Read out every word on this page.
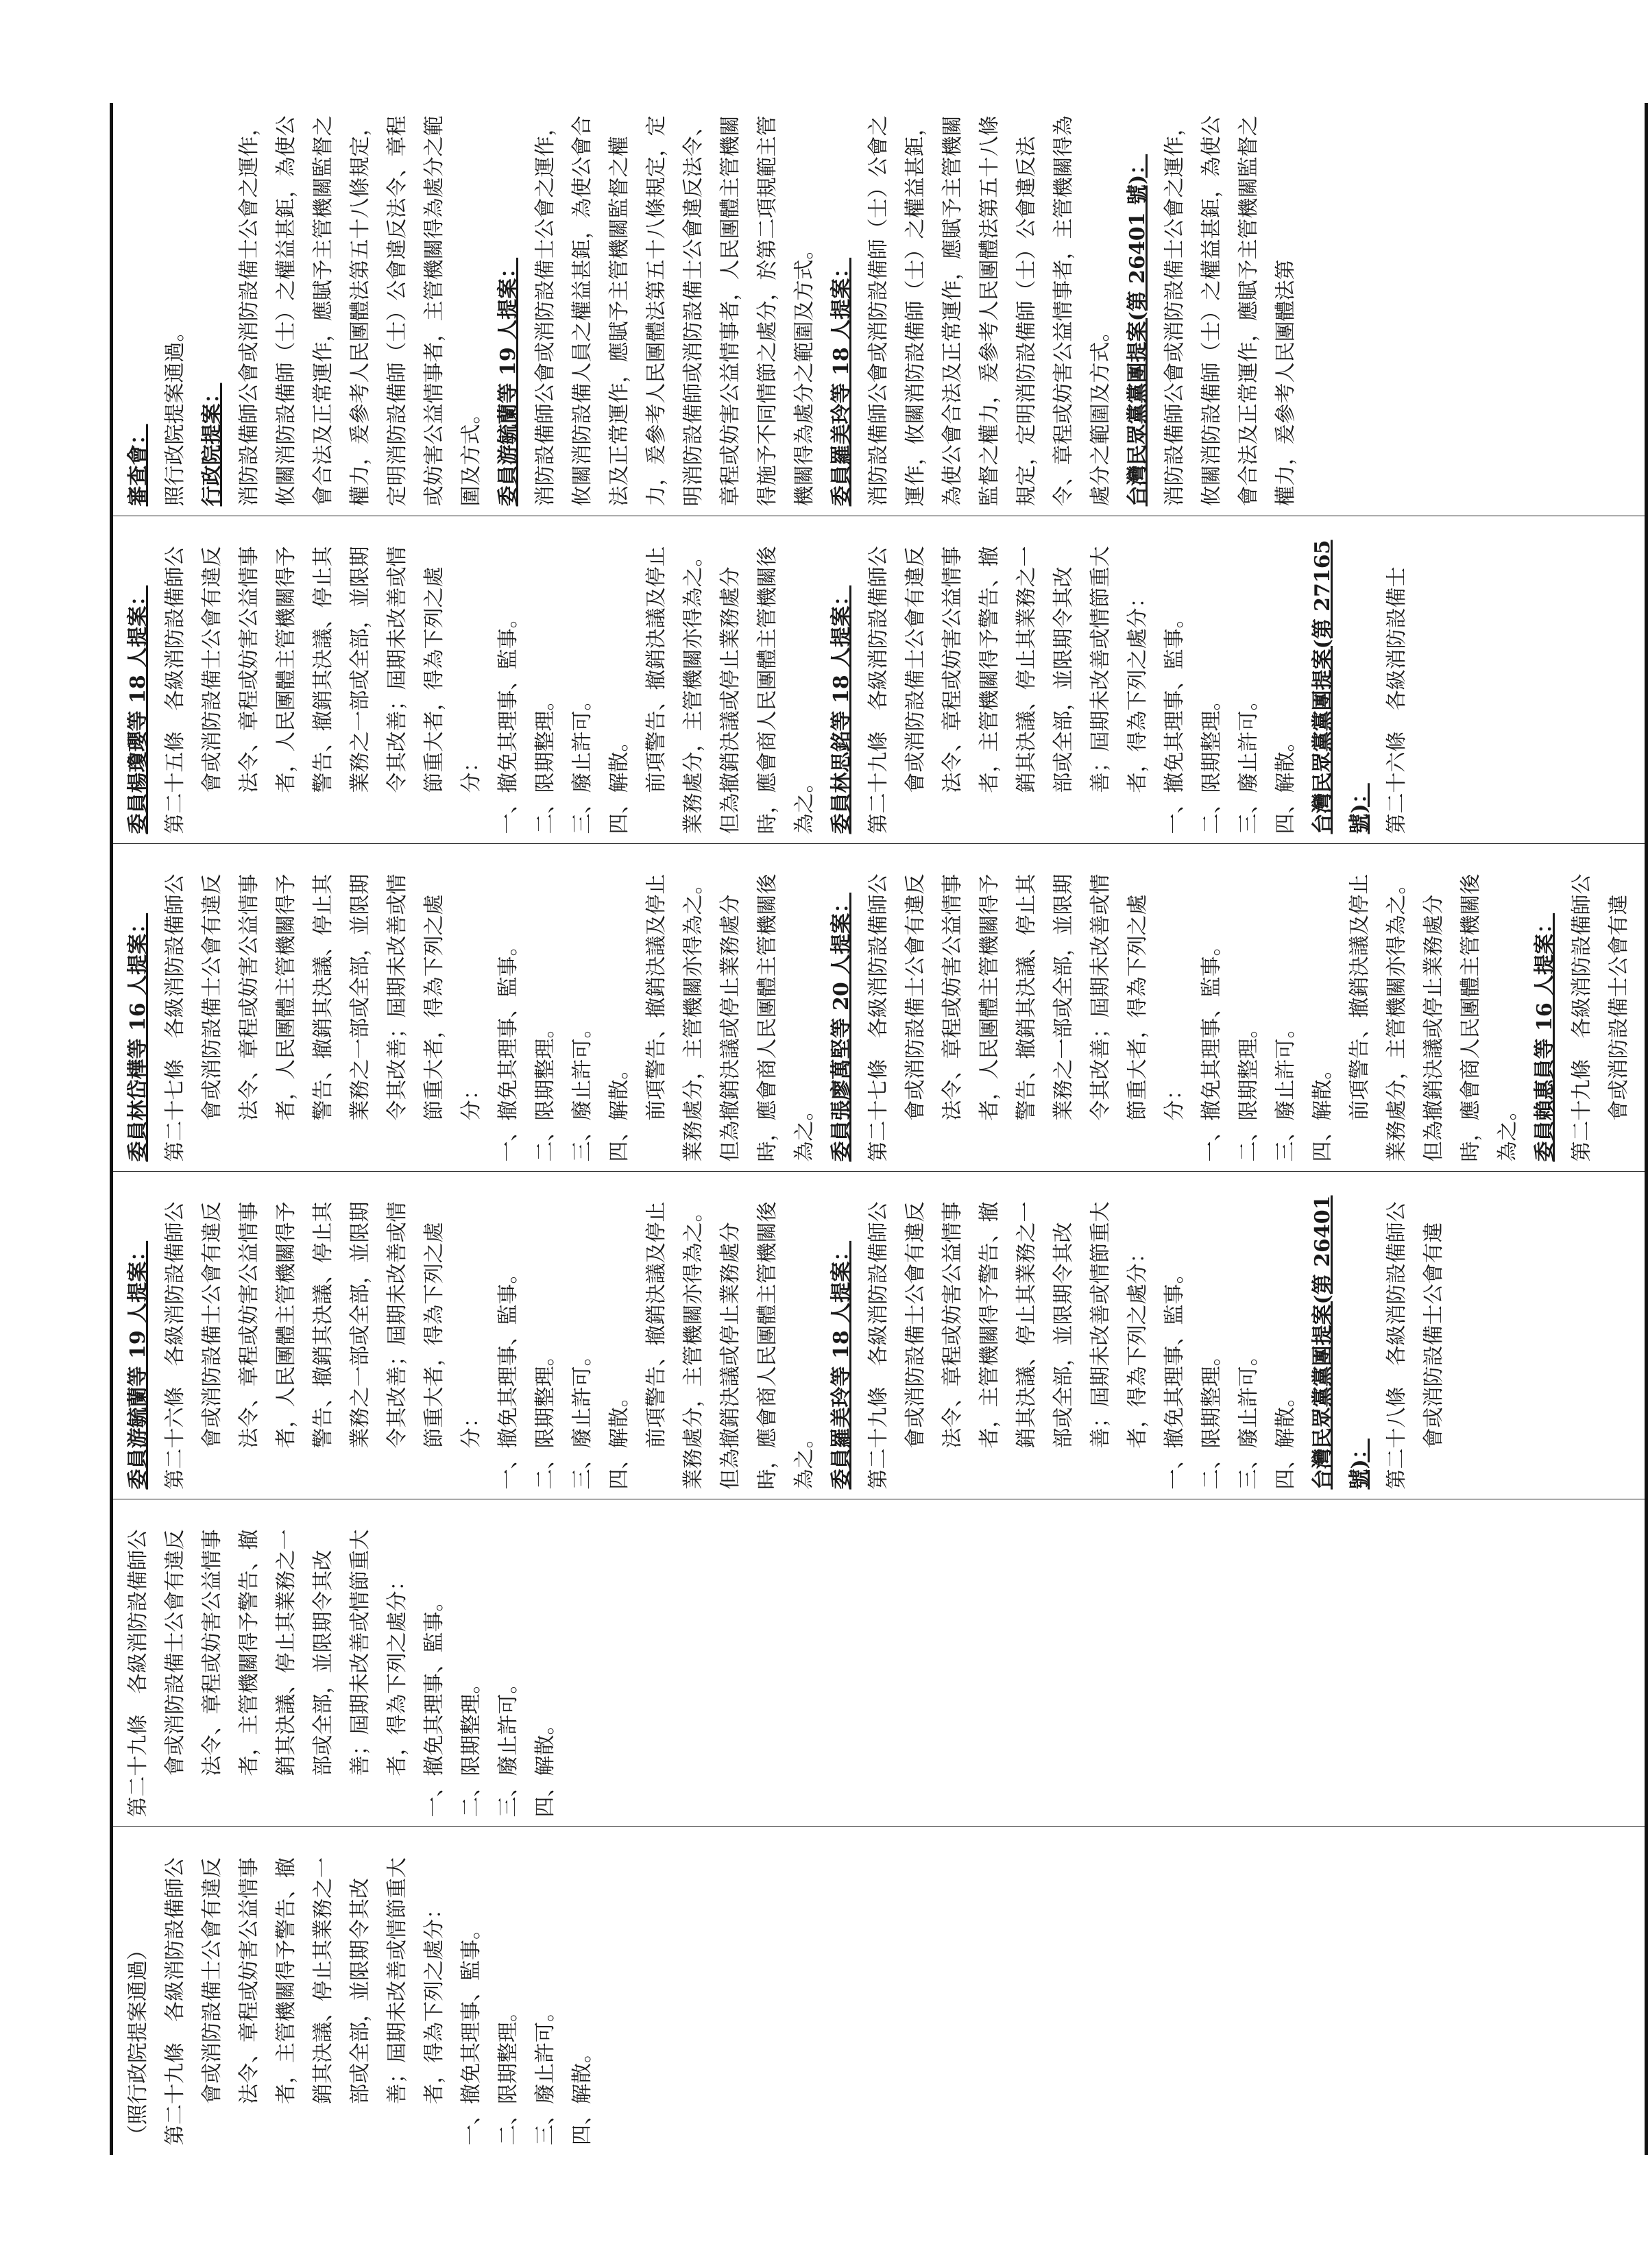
（照行政院提案通過） 第二十九條　各級消防設備師公會或消防設備士公會有違反法令、章程或妨害公益情事者，主管機關得予警告、撤銷其決議、停止其業務之一部或全部，並限期令其改善；屆期未改善或情節重大者，得為下列之處分： 一、撤免其理事、監事。 二、限期整理。 三、廢止許可。 四、解散。

第二十九條　各級消防設備師公會或消防設備士公會有違反法令、章程或妨害公益情事者，主管機關得予警告、撤銷其決議、停止其業務之一部或全部，並限期令其改善；屆期未改善或情節重大者，得為下列之處分： 一、撤免其理事、監事。 二、限期整理。 三、廢止許可。 四、解散。

委員游毓蘭等 19 人提案： 第二十六條　各級消防設備師公會或消防設備士公會有違反法令、章程或妨害公益情事者，人民團體主管機關得予警告、撤銷其決議、停止其業務之一部或全部，並限期令其改善；屆期未改善或情節重大者，得為下列之處分： 一、撤免其理事、監事。 二、限期整理。 三、廢止許可。 四、解散。 前項警告、撤銷決議及停止業務處分，主管機關亦得為之。但為撤銷決議或停止業務處分時，應會商人民團體主管機關後為之。 委員羅美玲等 18 人提案： 第二十九條　各級消防設備師公會或消防設備士公會有違反法令、章程或妨害公益情事者，主管機關得予警告、撤銷其決議、停止其業務之一部或全部，並限期令其改善；屆期未改善或情節重大者，得為下列之處分： 一、撤免其理事、監事。 二、限期整理。 三、廢止許可。 四、解散。 台灣民眾黨黨團提案(第 26401 號)： 第二十八條　各級消防設備師公會或消防設備士公會有違

委員林岱樺等 16 人提案： 第二十七條　各級消防設備師公會或消防設備士公會有違反法令、章程或妨害公益情事者，人民團體主管機關得予警告、撤銷其決議、停止其業務之一部或全部，並限期令其改善；屆期未改善或情節重大者，得為下列之處分： 一、撤免其理事、監事。 二、限期整理。 三、廢止許可。 四、解散。 前項警告、撤銷決議及停止業務處分，主管機關亦得為之。但為撤銷決議或停止業務處分時，應會商人民團體主管機關後為之。 委員張廖萬堅等 20 人提案： 第二十七條　各級消防設備師公會或消防設備士公會有違反法令、章程或妨害公益情事者，人民團體主管機關得予警告、撤銷其決議、停止其業務之一部或全部，並限期令其改善；屆期未改善或情節重大者，得為下列之處分： 一、撤免其理事、監事。 二、限期整理。 三、廢止許可。 四、解散。 前項警告、撤銷決議及停止業務處分，主管機關亦得為之。但為撤銷決議或停止業務處分時，應會商人民團體主管機關後為之。 委員賴惠員等 16 人提案： 第二十九條　各級消防設備師公會或消防設備士公會有違

委員楊瓊瓔等 18 人提案： 第二十五條　各級消防設備師公會或消防設備士公會有違反法令、章程或妨害公益情事者，人民團體主管機關得予警告、撤銷其決議、停止其業務之一部或全部，並限期令其改善；屆期未改善或情節重大者，得為下列之處分： 一、撤免其理事、監事。 二、限期整理。 三、廢止許可。 四、解散。 前項警告、撤銷決議及停止業務處分，主管機關亦得為之。但為撤銷決議或停止業務處分時，應會商人民團體主管機關後為之。 委員林思銘等 18 人提案： 第二十九條　各級消防設備師公會或消防設備士公會有違反法令、章程或妨害公益情事者，主管機關得予警告、撤銷其決議、停止其業務之一部或全部，並限期令其改善；屆期未改善或情節重大者，得為下列之處分： 一、撤免其理事、監事。 二、限期整理。 三、廢止許可。 四、解散。 台灣民眾黨黨團提案(第 27165 號)： 第二十六條　各級消防設備士

審查會： 照行政院提案通過。 行政院提案： 消防設備師公會或消防設備士公會之運作，攸關消防設備師（士）之權益甚鉅，為使公會合法及正常運作，應賦予主管機關監督之權力，爰參考人民團體法第五十八條規定，定明消防設備師（士）公會違反法令、章程或妨害公益情事者，主管機關得為處分之範圍及方式。 委員游毓蘭等 19 人提案： 消防設備師公會或消防設備士公會之運作，攸關消防設備人員之權益甚鉅，為使公會合法及正常運作，應賦予主管機關監督之權力，爰參考人民團體法第五十八條規定，定明消防設備師或消防設備士公會違反法令、章程或妨害公益情事者，人民團體主管機關得施予不同情節之處分，於第二項規範主管機關得為處分之範圍及方式。 委員羅美玲等 18 人提案： 消防設備師公會或消防設備師（士）公會之運作，攸關消防設備師（士）之權益甚鉅，為使公會合法及正常運作，應賦予主管機關監督之權力，爰參考人民團體法第五十八條規定，定明消防設備師（士）公會違反法令、章程或妨害公益情事者，主管機關得為處分之範圍及方式。 台灣民眾黨黨團提案(第 26401 號)： 消防設備師公會或消防設備士公會之運作，攸關消防設備師（士）之權益甚鉅，為使公會合法及正常運作，應賦予主管機關監督之權力，爰參考人民團體法第
